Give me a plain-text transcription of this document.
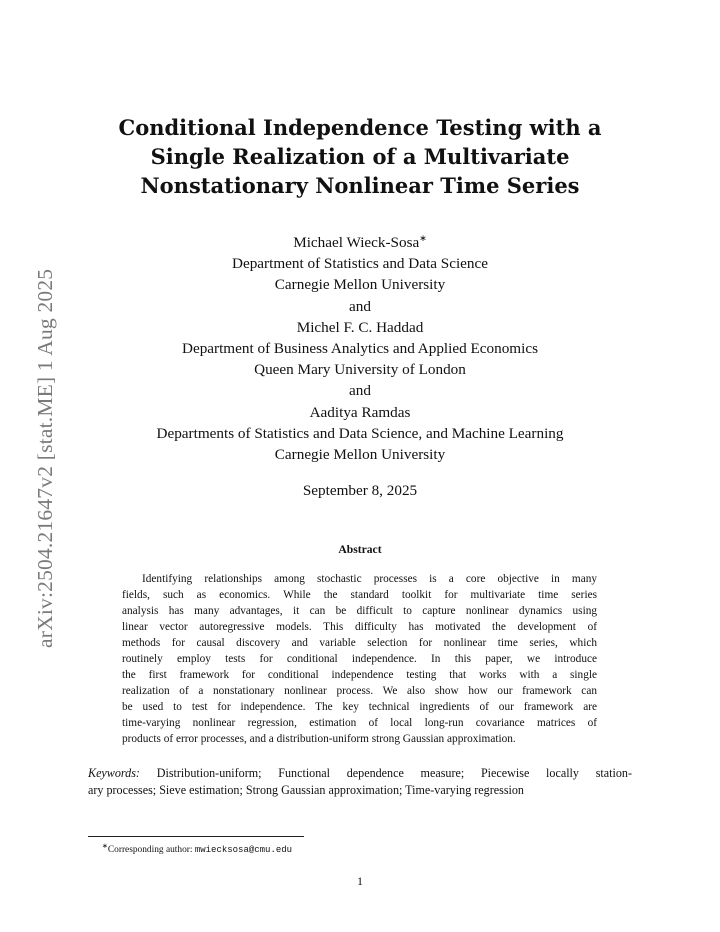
arXiv:2504.21647v2 [stat.ME] 1 Aug 2025
Conditional Independence Testing with a
Single Realization of a Multivariate
Nonstationary Nonlinear Time Series
Michael Wieck-Sosa∗
Department of Statistics and Data Science
Carnegie Mellon University
and
Michel F. C. Haddad
Department of Business Analytics and Applied Economics
Queen Mary University of London
and
Aaditya Ramdas
Departments of Statistics and Data Science, and Machine Learning
Carnegie Mellon University
September 8, 2025
Abstract
Identifying relationships among stochastic processes is a core objective in many
fields, such as economics. While the standard toolkit for multivariate time series
analysis has many advantages, it can be difficult to capture nonlinear dynamics using
linear vector autoregressive models. This difficulty has motivated the development of
methods for causal discovery and variable selection for nonlinear time series, which
routinely employ tests for conditional independence. In this paper, we introduce
the first framework for conditional independence testing that works with a single
realization of a nonstationary nonlinear process. We also show how our framework can
be used to test for independence. The key technical ingredients of our framework are
time-varying nonlinear regression, estimation of local long-run covariance matrices of
products of error processes, and a distribution-uniform strong Gaussian approximation.
Keywords: Distribution-uniform; Functional dependence measure; Piecewise locally station-
ary processes; Sieve estimation; Strong Gaussian approximation; Time-varying regression
∗Corresponding author: mwiecksosa@cmu.edu
1
